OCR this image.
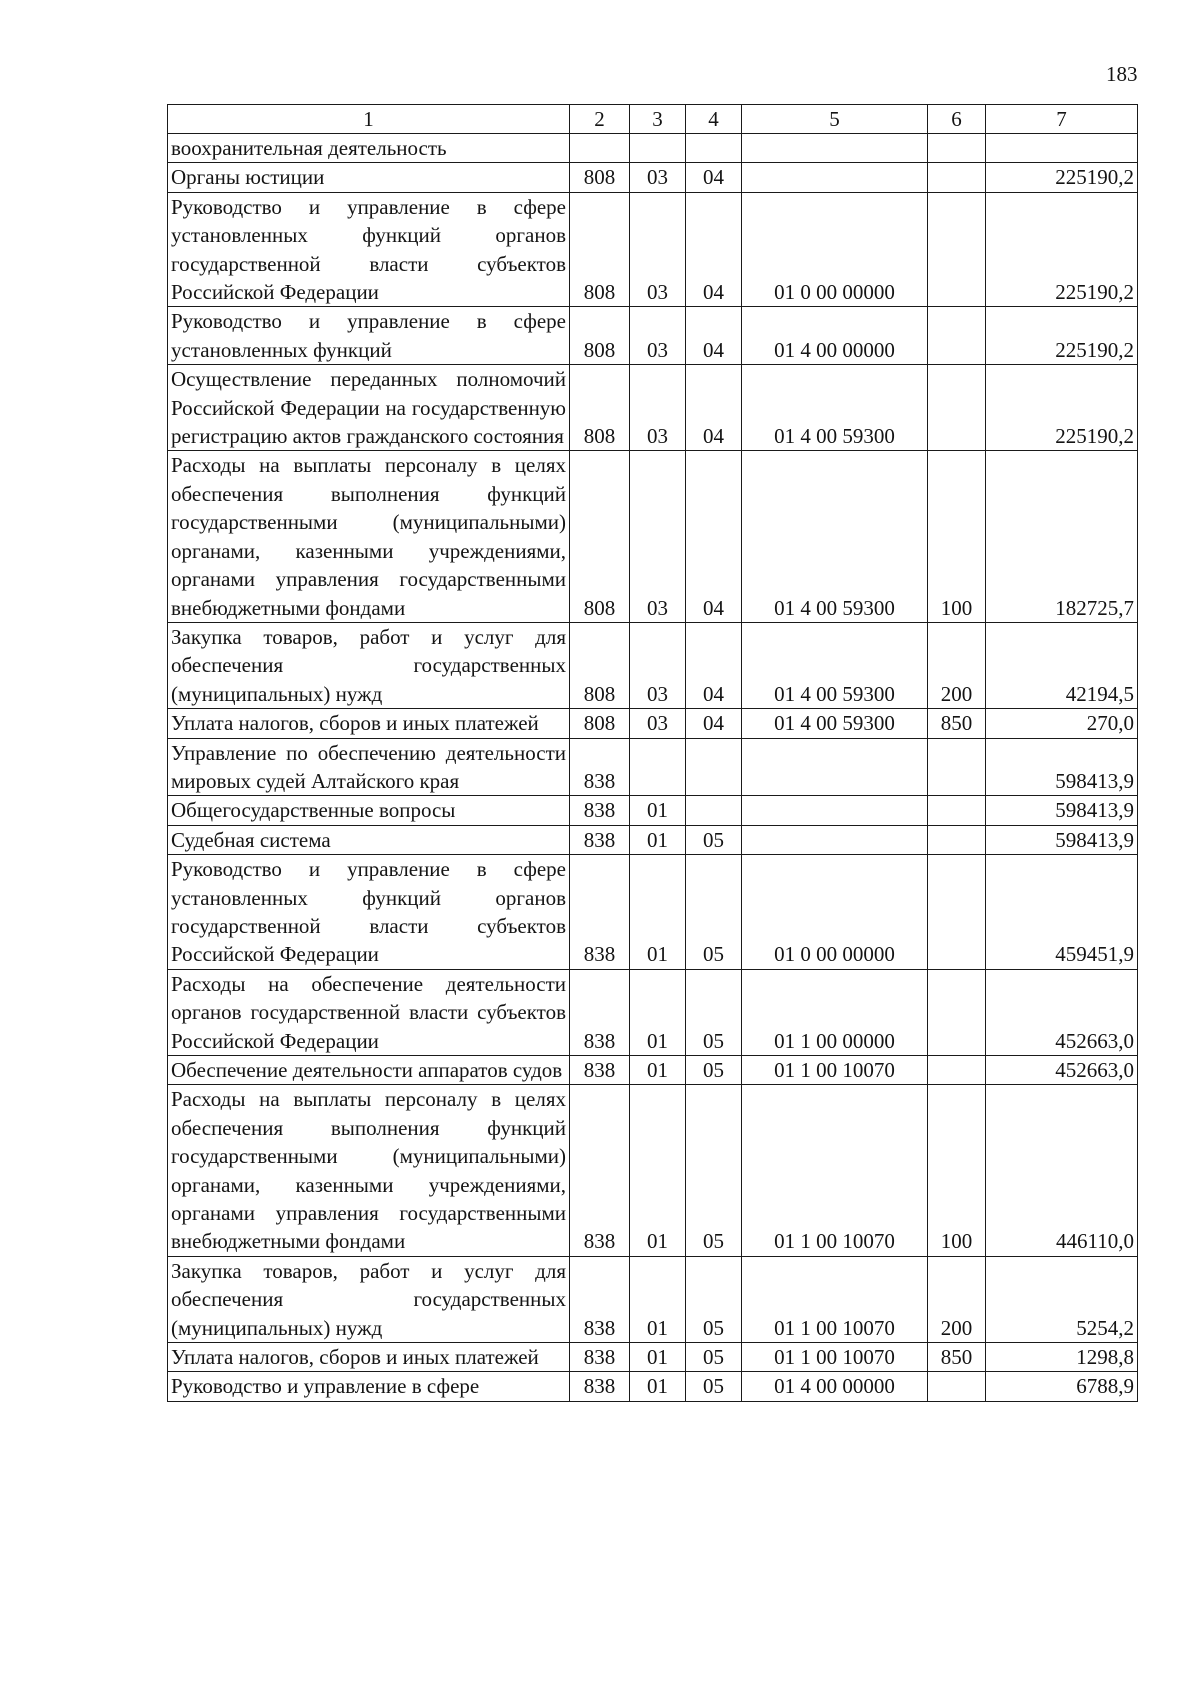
183
1	2	3	4	5	6	7
воохранительная деятельность						
Органы юстиции	808	03	04			225190,2
Руководство и управление в сфере установленных функций органов государственной власти субъектов Российской Федерации	808	03	04	01 0 00 00000		225190,2
Руководство и управление в сфере установленных функций	808	03	04	01 4 00 00000		225190,2
Осуществление переданных полномочий Российской Федерации на государственную регистрацию актов гражданского состояния	808	03	04	01 4 00 59300		225190,2
Расходы на выплаты персоналу в целях обеспечения выполнения функций государственными (муниципальными) органами, казенными учреждениями, органами управления государственными внебюджетными фондами	808	03	04	01 4 00 59300	100	182725,7
Закупка товаров, работ и услуг для обеспечения государственных (муниципальных) нужд	808	03	04	01 4 00 59300	200	42194,5
Уплата налогов, сборов и иных платежей	808	03	04	01 4 00 59300	850	270,0
Управление по обеспечению деятельности мировых судей Алтайского края	838					598413,9
Общегосударственные вопросы	838	01				598413,9
Судебная система	838	01	05			598413,9
Руководство и управление в сфере установленных функций органов государственной власти субъектов Российской Федерации	838	01	05	01 0 00 00000		459451,9
Расходы на обеспечение деятельности органов государственной власти субъектов Российской Федерации	838	01	05	01 1 00 00000		452663,0
Обеспечение деятельности аппаратов судов	838	01	05	01 1 00 10070		452663,0
Расходы на выплаты персоналу в целях обеспечения выполнения функций государственными (муниципальными) органами, казенными учреждениями, органами управления государственными внебюджетными фондами	838	01	05	01 1 00 10070	100	446110,0
Закупка товаров, работ и услуг для обеспечения государственных (муниципальных) нужд	838	01	05	01 1 00 10070	200	5254,2
Уплата налогов, сборов и иных платежей	838	01	05	01 1 00 10070	850	1298,8
Руководство и управление в сфере	838	01	05	01 4 00 00000		6788,9
